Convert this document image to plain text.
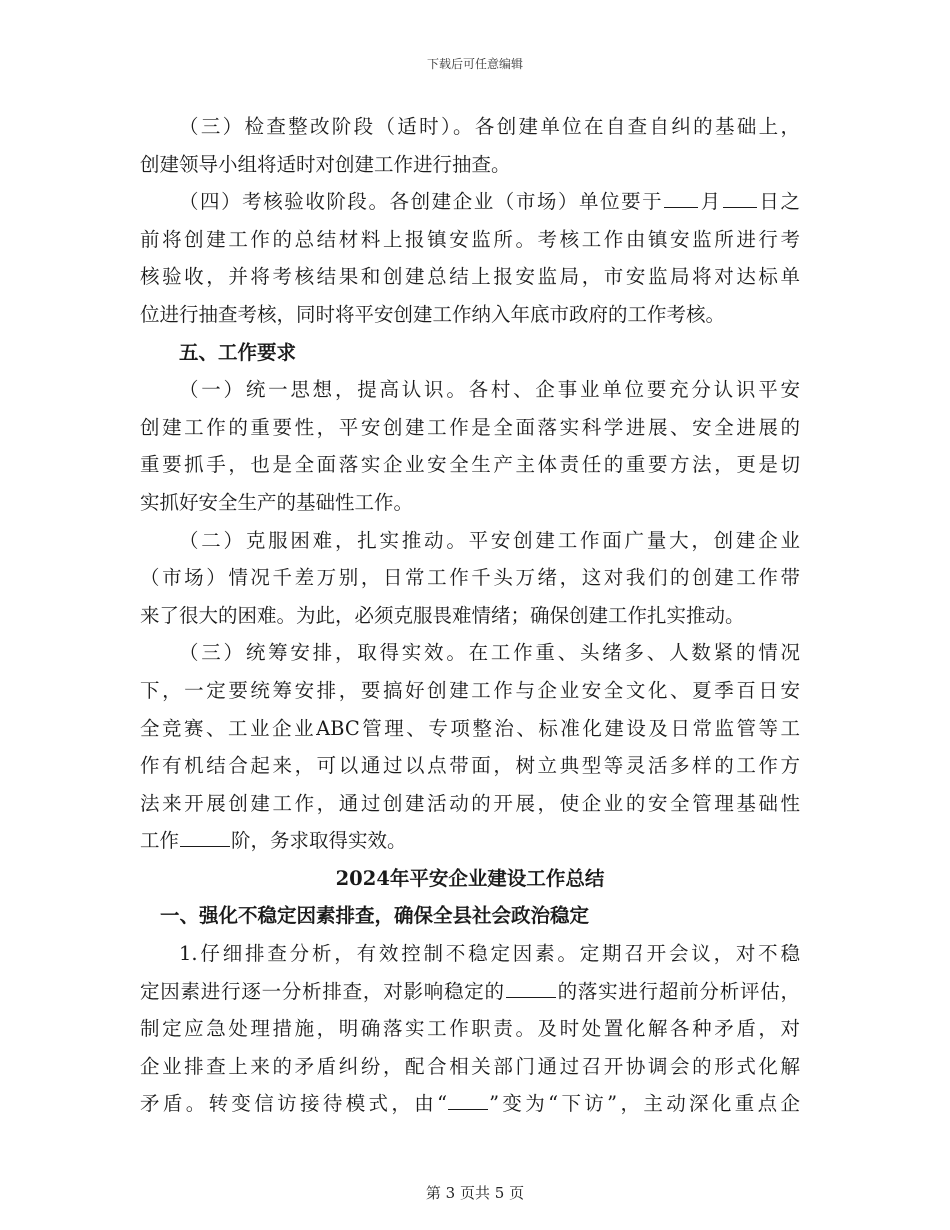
下载后可任意编辑
（三）检查整改阶段（适时）。各创建单位在自查自纠的基础上，
创建领导小组将适时对创建工作进行抽查。
（四）考核验收阶段。各创建企业（市场）单位要于 月 日之
前将创建工作的总结材料上报镇安监所。考核工作由镇安监所进行考
核验收，并将考核结果和创建总结上报安监局，市安监局将对达标单
位进行抽查考核，同时将平安创建工作纳入年底市政府的工作考核。
五、工作要求
（一）统一思想，提高认识。各村、企事业单位要充分认识平安
创建工作的重要性，平安创建工作是全面落实科学进展、安全进展的
重要抓手，也是全面落实企业安全生产主体责任的重要方法，更是切
实抓好安全生产的基础性工作。
（二）克服困难，扎实推动。平安创建工作面广量大，创建企业
（市场）情况千差万别，日常工作千头万绪，这对我们的创建工作带
来了很大的困难。为此，必须克服畏难情绪；确保创建工作扎实推动。
（三）统筹安排，取得实效。在工作重、头绪多、人数紧的情况
下，一定要统筹安排，要搞好创建工作与企业安全文化、夏季百日安
全竞赛、工业企业ABC管理、专项整治、标准化建设及日常监管等工
作有机结合起来，可以通过以点带面，树立典型等灵活多样的工作方
法来开展创建工作，通过创建活动的开展，使企业的安全管理基础性
工作	阶，务求取得实效。
2024年平安企业建设工作总结
一、强化不稳定因素排查，确保全县社会政治稳定
1.仔细排查分析，有效控制不稳定因素。定期召开会议，对不稳
定因素进行逐一分析排查，对影响稳定的	的落实进行超前分析评估，
制定应急处理措施，明确落实工作职责。及时处置化解各种矛盾，对
企业排查上来的矛盾纠纷，配合相关部门通过召开协调会的形式化解
矛盾。转变信访接待模式，由“ ”变为“下访”，主动深化重点企
第 3 页共 5 页
